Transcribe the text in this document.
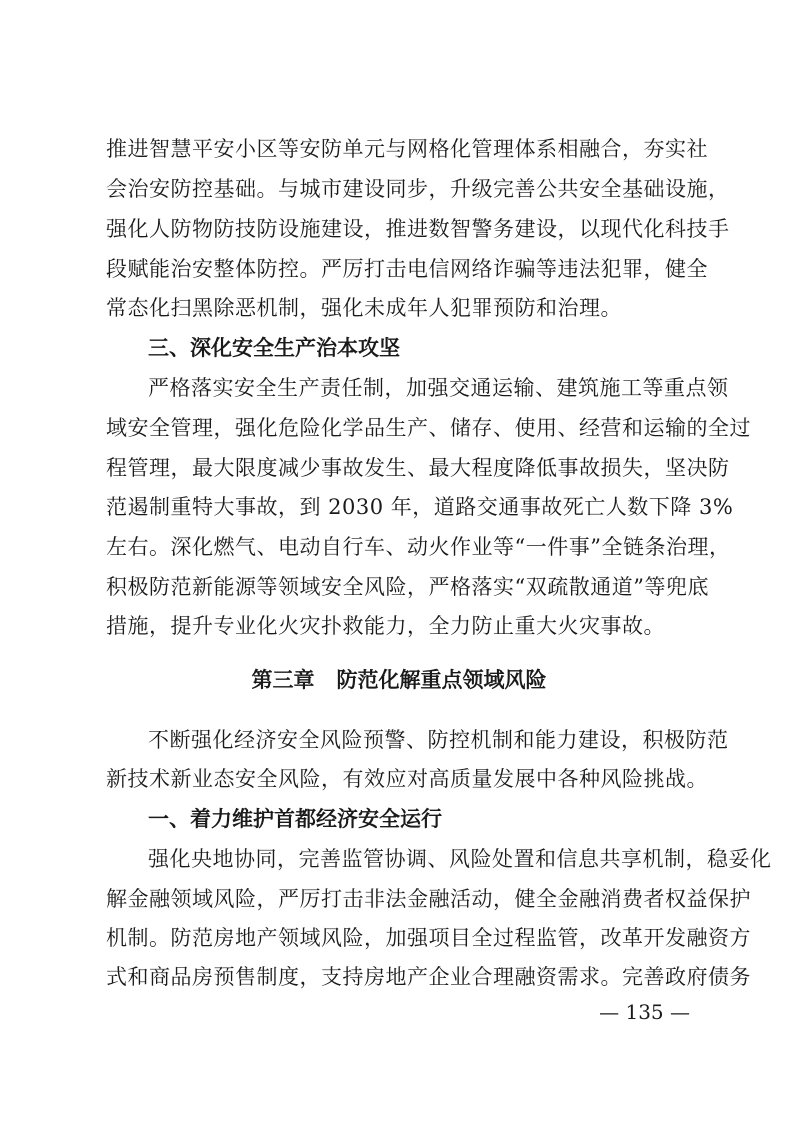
推进智慧平安小区等安防单元与网格化管理体系相融合，夯实社
会治安防控基础。与城市建设同步，升级完善公共安全基础设施，
强化人防物防技防设施建设，推进数智警务建设，以现代化科技手
段赋能治安整体防控。严厉打击电信网络诈骗等违法犯罪，健全
常态化扫黑除恶机制，强化未成年人犯罪预防和治理。
三、深化安全生产治本攻坚
严格落实安全生产责任制，加强交通运输、建筑施工等重点领
域安全管理，强化危险化学品生产、储存、使用、经营和运输的全过
程管理，最大限度减少事故发生、最大程度降低事故损失，坚决防
范遏制重特大事故，到 2030 年，道路交通事故死亡人数下降 3%
左右。深化燃气、电动自行车、动火作业等“一件事”全链条治理，
积极防范新能源等领域安全风险，严格落实“双疏散通道”等兜底
措施，提升专业化火灾扑救能力，全力防止重大火灾事故。
第三章 防范化解重点领域风险
不断强化经济安全风险预警、防控机制和能力建设，积极防范
新技术新业态安全风险，有效应对高质量发展中各种风险挑战。
一、着力维护首都经济安全运行
强化央地协同，完善监管协调、风险处置和信息共享机制，稳妥化
解金融领域风险，严厉打击非法金融活动，健全金融消费者权益保护
机制。防范房地产领域风险，加强项目全过程监管，改革开发融资方
式和商品房预售制度，支持房地产企业合理融资需求。完善政府债务
— 135 —
